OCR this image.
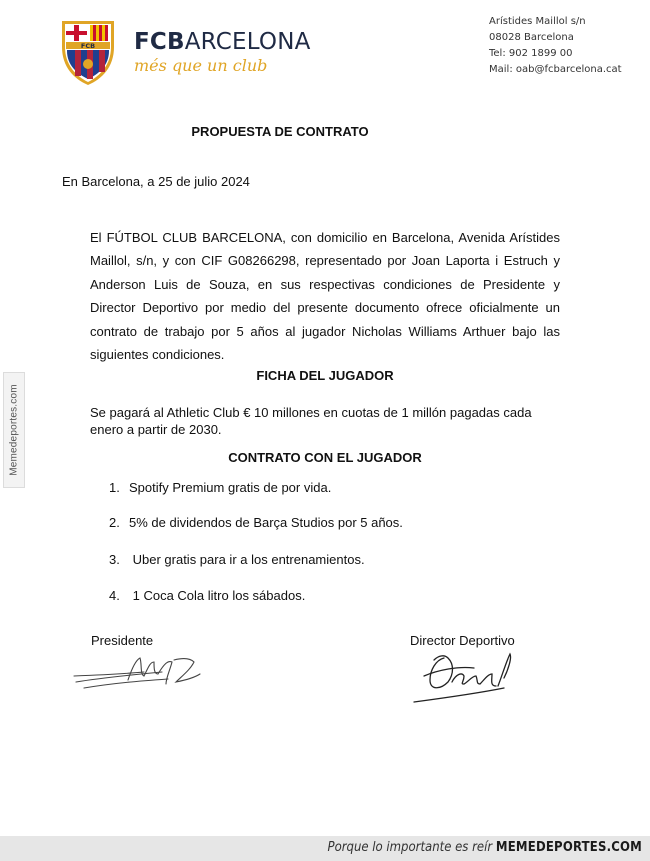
FCB FCBARCELONA
més que un club
Arístides Maillol s/n
08028 Barcelona
Tel: 902 1899 00
Mail: oab@fcbarcelona.cat
PROPUESTA DE CONTRATO
En Barcelona, a 25 de julio 2024
El FÚTBOL CLUB BARCELONA, con domicilio en Barcelona, Avenida Arístides Maillol, s/n, y con CIF G08266298, representado por Joan Laporta i Estruch y Anderson Luis de Souza, en sus respectivas condiciones de Presidente y Director Deportivo por medio del presente documento ofrece oficialmente un contrato de trabajo por 5 años al jugador Nicholas Williams Arthuer bajo las siguientes condiciones.
FICHA DEL JUGADOR
Se pagará al Athletic Club € 10 millones en cuotas de 1 millón pagadas cada enero a partir de 2030.
CONTRATO CON EL JUGADOR
1. Spotify Premium gratis de por vida.
2. 5% de dividendos de Barça Studios por 5 años.
3. Uber gratis para ir a los entrenamientos.
4. 1 Coca Cola litro los sábados.
Presidente	Director Deportivo
Memedeportes.com
Porque lo importante es reír MEMEDEPORTES.COM
